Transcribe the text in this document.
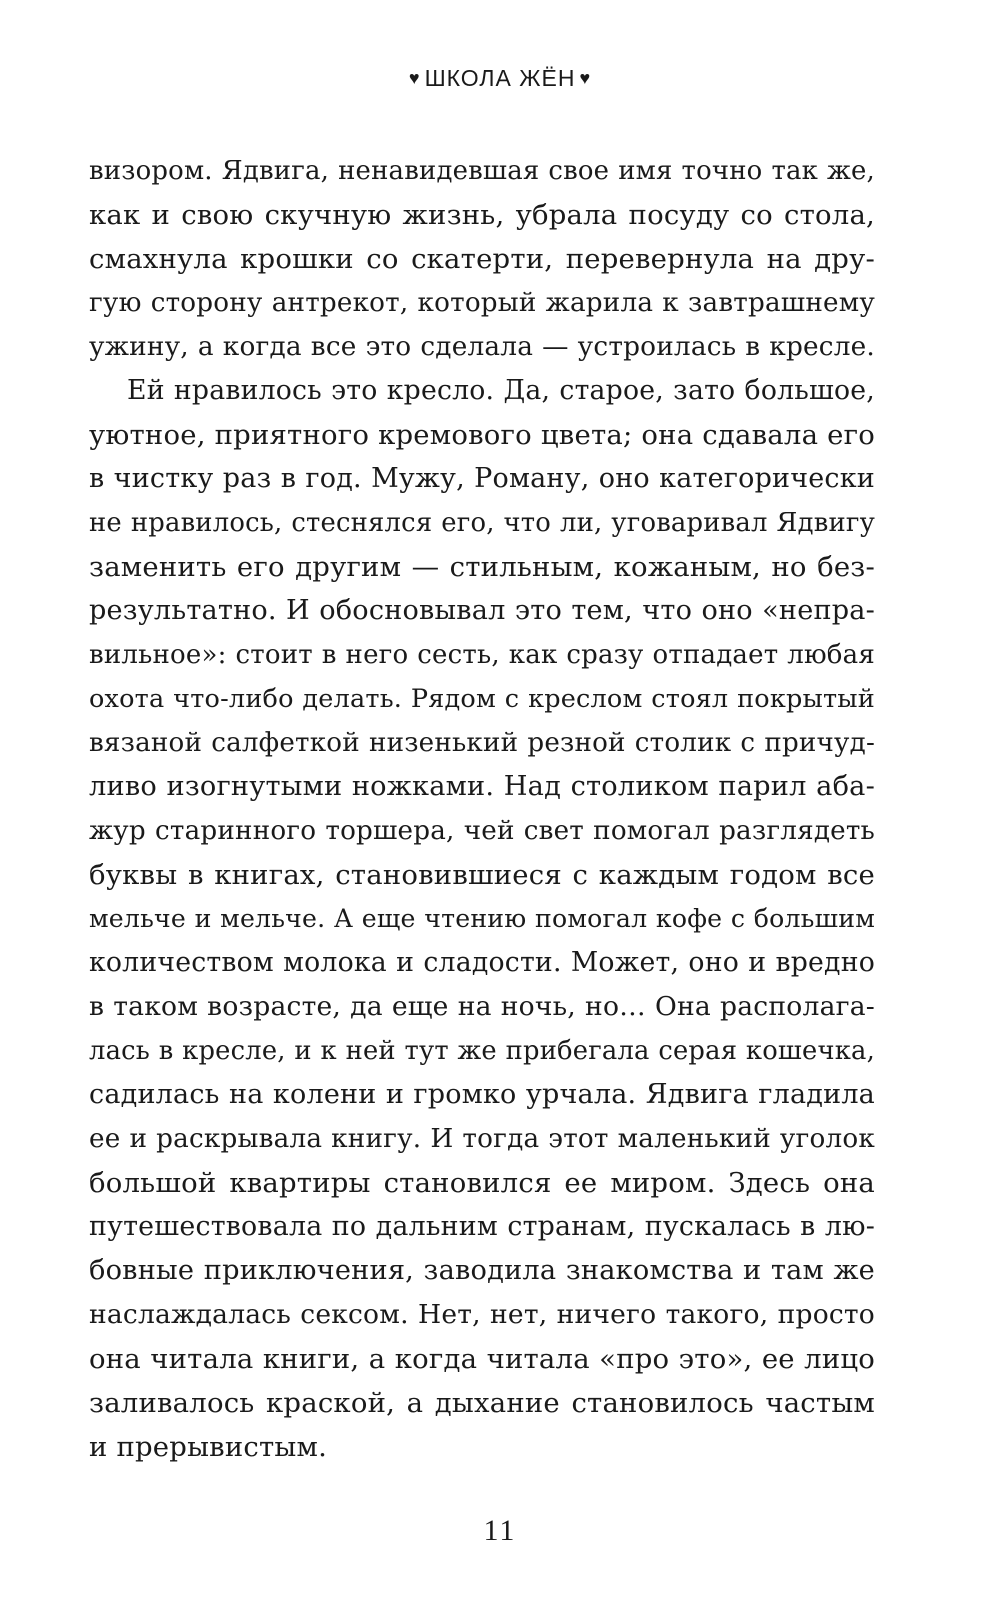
♥ ШКОЛА ЖЁН ♥
визором. Ядвига, ненавидевшая свое имя точно так же,
как и свою скучную жизнь, убрала посуду со стола,
смахнула крошки со скатерти, перевернула на дру-
гую сторону антрекот, который жарила к завтрашнему
ужину, а когда все это сделала — устроилась в кресле.
Ей нравилось это кресло. Да, старое, зато большое,
уютное, приятного кремового цвета; она сдавала его
в чистку раз в год. Мужу, Роману, оно категорически
не нравилось, стеснялся его, что ли, уговаривал Ядвигу
заменить его другим — стильным, кожаным, но без-
результатно. И обосновывал это тем, что оно «непра-
вильное»: стоит в него сесть, как сразу отпадает любая
охота что-либо делать. Рядом с креслом стоял покрытый
вязаной салфеткой низенький резной столик с причуд-
ливо изогнутыми ножками. Над столиком парил аба-
жур старинного торшера, чей свет помогал разглядеть
буквы в книгах, становившиеся с каждым годом все
мельче и мельче. А еще чтению помогал кофе с большим
количеством молока и сладости. Может, оно и вредно
в таком возрасте, да еще на ночь, но… Она располага-
лась в кресле, и к ней тут же прибегала серая кошечка,
садилась на колени и громко урчала. Ядвига гладила
ее и раскрывала книгу. И тогда этот маленький уголок
большой квартиры становился ее миром. Здесь она
путешествовала по дальним странам, пускалась в лю-
бовные приключения, заводила знакомства и там же
наслаждалась сексом. Нет, нет, ничего такого, просто
она читала книги, а когда читала «про это», ее лицо
заливалось краской, а дыхание становилось частым
и прерывистым.
11
